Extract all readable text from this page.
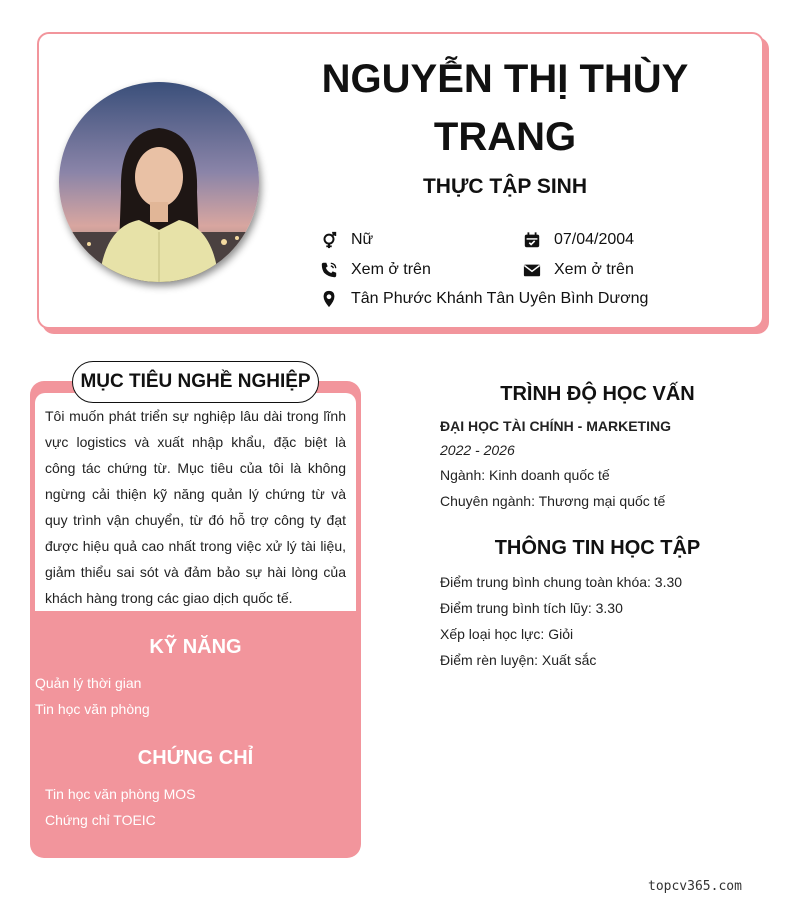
NGUYỄN THỊ THÙY
TRANG
THỰC TẬP SINH
Nữ	07/04/2004
Xem ở trên	Xem ở trên
Tân Phước Khánh Tân Uyên Bình Dương
MỤC TIÊU NGHỀ NGHIỆP
Tôi muốn phát triển sự nghiệp lâu dài trong lĩnh vực logistics và xuất nhập khẩu, đặc biệt là công tác chứng từ. Mục tiêu của tôi là không ngừng cải thiện kỹ năng quản lý chứng từ và quy trình vận chuyển, từ đó hỗ trợ công ty đạt được hiệu quả cao nhất trong việc xử lý tài liệu, giảm thiểu sai sót và đảm bảo sự hài lòng của khách hàng trong các giao dịch quốc tế.
KỸ NĂNG
Quản lý thời gian
Tin học văn phòng
CHỨNG CHỈ
Tin học văn phòng MOS
Chứng chỉ TOEIC
TRÌNH ĐỘ HỌC VẤN
ĐẠI HỌC TÀI CHÍNH - MARKETING
2022 - 2026
Ngành: Kinh doanh quốc tế
Chuyên ngành: Thương mại quốc tế
THÔNG TIN HỌC TẬP
Điểm trung bình chung toàn khóa: 3.30
Điểm trung bình tích lũy: 3.30
Xếp loại học lực: Giỏi
Điểm rèn luyện: Xuất sắc
topcv365.com
